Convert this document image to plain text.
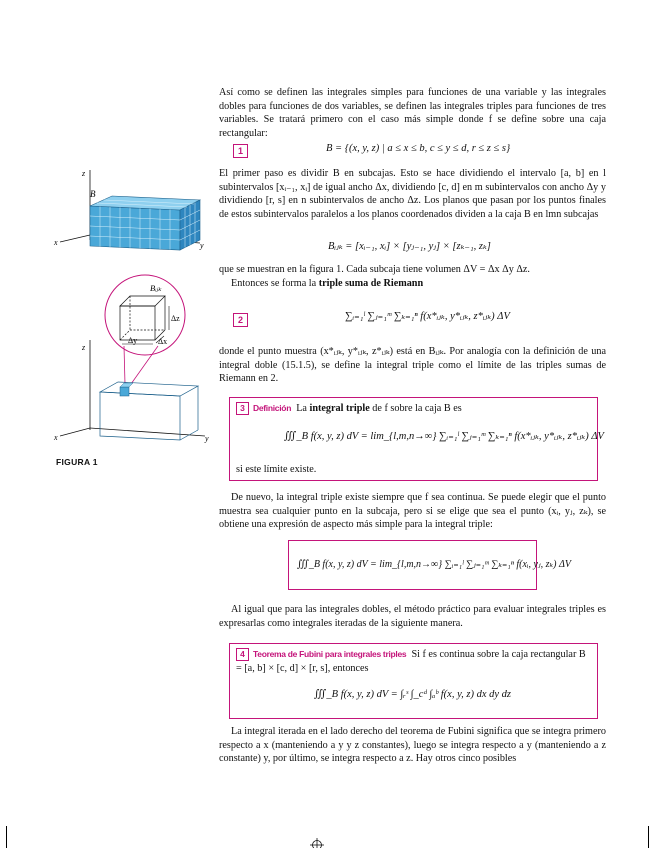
B
z
x	y
Bᵢⱼₖ
Δz
Δy	Δx
z
x	y
FIGURA 1

Así como se definen las integrales simples para funciones de una variable y las integrales dobles para funciones de dos variables, se definen las integrales triples para funciones de tres variables. Se tratará primero con el caso más simple donde f se define sobre una caja rectangular:

1	B = {(x, y, z) | a ≤ x ≤ b, c ≤ y ≤ d, r ≤ z ≤ s}

El primer paso es dividir B en subcajas. Esto se hace dividiendo el intervalo [a, b] en l subintervalos [xᵢ₋₁, xᵢ] de igual ancho Δx, dividiendo [c, d] en m subintervalos con ancho Δy y dividiendo [r, s] en n subintervalos de ancho Δz. Los planos que pasan por los puntos finales de estos subintervalos paralelos a los planos coordenados dividen a la caja B en lmn subcajas

Bᵢⱼₖ = [xᵢ₋₁, xᵢ] × [yⱼ₋₁, yⱼ] × [zₖ₋₁, zₖ]

que se muestran en la figura 1. Cada subcaja tiene volumen ΔV = Δx Δy Δz.

Entonces se forma la triple suma de Riemann

2	∑ᵢ₌₁ˡ ∑ⱼ₌₁ᵐ ∑ₖ₌₁ⁿ f(x*ᵢⱼₖ, y*ᵢⱼₖ, z*ᵢⱼₖ) ΔV

donde el punto muestra (x*ᵢⱼₖ, y*ᵢⱼₖ, z*ᵢⱼₖ) está en Bᵢⱼₖ. Por analogía con la definición de una integral doble (15.1.5), se define la integral triple como el límite de las triples sumas de Riemann en 2.

3 Definición La integral triple de f sobre la caja B es
∭_B f(x, y, z) dV = lim_{l,m,n→∞} ∑ᵢ₌₁ˡ ∑ⱼ₌₁ᵐ ∑ₖ₌₁ⁿ f(x*ᵢⱼₖ, y*ᵢⱼₖ, z*ᵢⱼₖ) ΔV
si este límite existe.

De nuevo, la integral triple existe siempre que f sea continua. Se puede elegir que el punto muestra sea cualquier punto en la subcaja, pero si se elige que sea el punto (xᵢ, yⱼ, zₖ), se obtiene una expresión de aspecto más simple para la integral triple:

∭_B f(x, y, z) dV = lim_{l,m,n→∞} ∑ᵢ₌₁ˡ ∑ⱼ₌₁ᵐ ∑ₖ₌₁ⁿ f(xᵢ, yⱼ, zₖ) ΔV

Al igual que para las integrales dobles, el método práctico para evaluar integrales triples es expresarlas como integrales iteradas de la siguiente manera.

4 Teorema de Fubini para integrales triples Si f es continua sobre la caja rectangular B = [a, b] × [c, d] × [r, s], entonces
∭_B f(x, y, z) dV = ∫ᵣˢ ∫_cᵈ ∫ₐᵇ f(x, y, z) dx dy dz

La integral iterada en el lado derecho del teorema de Fubini significa que se integra primero respecto a x (manteniendo a y y z constantes), luego se integra respecto a y (manteniendo a z constante) y, por último, se integra respecto a z. Hay otros cinco posibles
